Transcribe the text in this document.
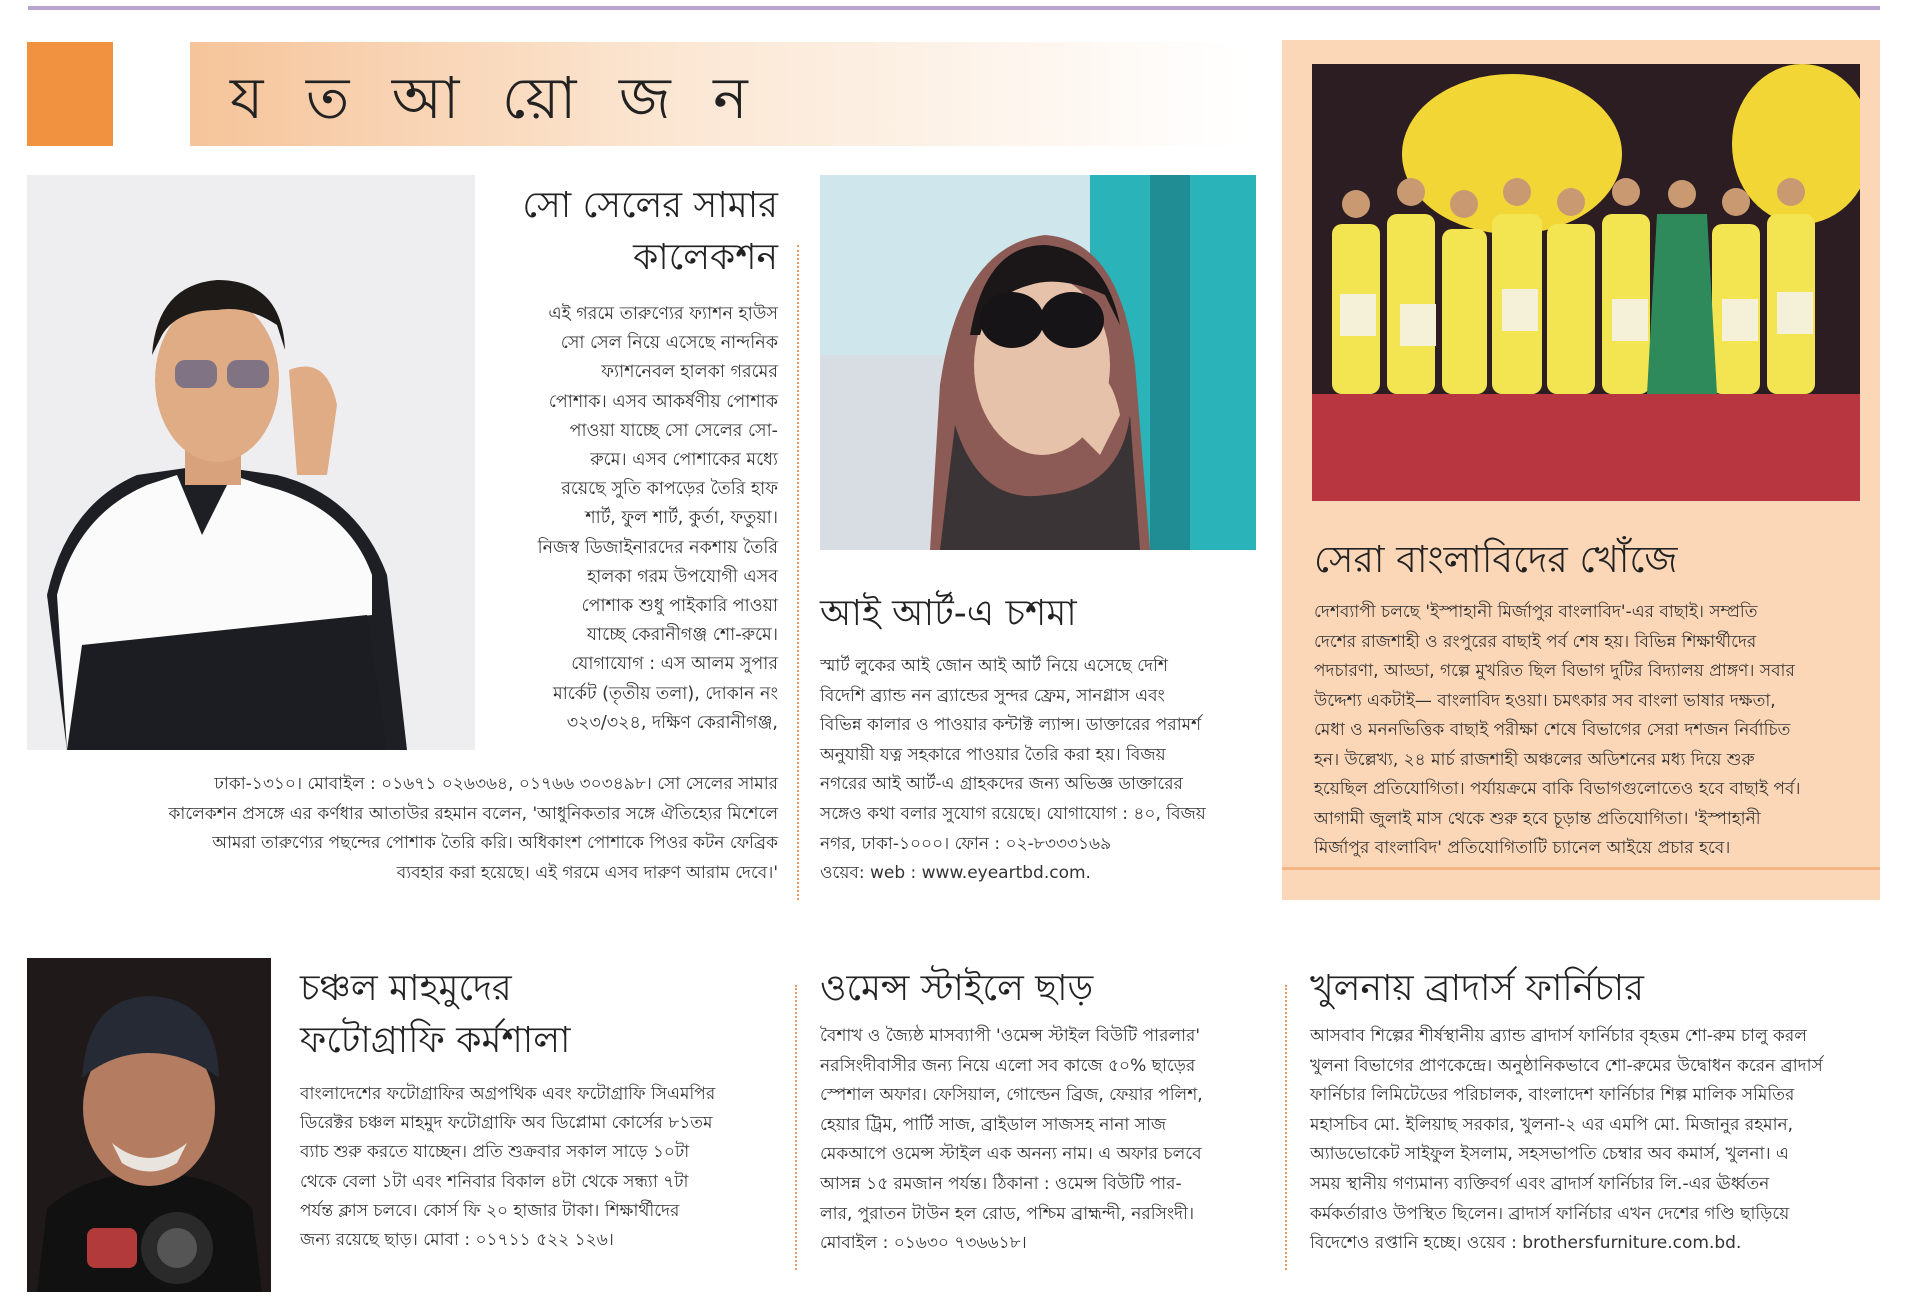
য ত আ য়ো জ ন
সো সেলের সামার
কালেকশন
এই গরমে তারুণ্যের ফ্যাশন হাউস
সো সেল নিয়ে এসেছে নান্দনিক
ফ্যাশনেবল হালকা গরমের
পোশাক। এসব আকর্ষণীয় পোশাক
পাওয়া যাচ্ছে সো সেলের সো-
রুমে। এসব পোশাকের মধ্যে
রয়েছে সুতি কাপড়ের তৈরি হাফ
শার্ট, ফুল শার্ট, কুর্তা, ফতুয়া।
নিজস্ব ডিজাইনারদের নকশায় তৈরি
হালকা গরম উপযোগী এসব
পোশাক শুধু পাইকারি পাওয়া
যাচ্ছে কেরানীগঞ্জ শো-রুমে।
যোগাযোগ : এস আলম সুপার
মার্কেট (তৃতীয় তলা), দোকান নং
৩২৩/৩২৪, দক্ষিণ কেরানীগঞ্জ,
ঢাকা-১৩১০। মোবাইল : ০১৬৭১ ০২৬৩৬৪, ০১৭৬৬ ৩০৩৪৯৮। সো সেলের সামার
কালেকশন প্রসঙ্গে এর কর্ণধার আতাউর রহমান বলেন, 'আধুনিকতার সঙ্গে ঐতিহ্যের মিশেলে
আমরা তারুণ্যের পছন্দের পোশাক তৈরি করি। অধিকাংশ পোশাকে পিওর কটন ফেব্রিক
ব্যবহার করা হয়েছে। এই গরমে এসব দারুণ আরাম দেবে।'
আই আর্ট-এ চশমা
স্মার্ট লুকের আই জোন আই আর্ট নিয়ে এসেছে দেশি
বিদেশি ব্র্যান্ড নন ব্র্যান্ডের সুন্দর ফ্রেম, সানগ্লাস এবং
বিভিন্ন কালার ও পাওয়ার কন্টাক্ট ল্যান্স। ডাক্তারের পরামর্শ
অনুযায়ী যত্ন সহকারে পাওয়ার তৈরি করা হয়। বিজয়
নগরের আই আর্ট-এ গ্রাহকদের জন্য অভিজ্ঞ ডাক্তারের
সঙ্গেও কথা বলার সুযোগ রয়েছে। যোগাযোগ : ৪০, বিজয়
নগর, ঢাকা-১০০০। ফোন : ০২-৮৩৩৩১৬৯
ওয়েব: web : www.eyeartbd.com.
সেরা বাংলাবিদের খোঁজে
দেশব্যাপী চলছে 'ইস্পাহানী মির্জাপুর বাংলাবিদ'-এর বাছাই। সম্প্রতি
দেশের রাজশাহী ও রংপুরের বাছাই পর্ব শেষ হয়। বিভিন্ন শিক্ষার্থীদের
পদচারণা, আড্ডা, গল্পে মুখরিত ছিল বিভাগ দুটির বিদ্যালয় প্রাঙ্গণ। সবার
উদ্দেশ্য একটাই— বাংলাবিদ হওয়া। চমৎকার সব বাংলা ভাষার দক্ষতা,
মেধা ও মননভিত্তিক বাছাই পরীক্ষা শেষে বিভাগের সেরা দশজন নির্বাচিত
হন। উল্লেখ্য, ২৪ মার্চ রাজশাহী অঞ্চলের অডিশনের মধ্য দিয়ে শুরু
হয়েছিল প্রতিযোগিতা। পর্যায়ক্রমে বাকি বিভাগগুলোতেও হবে বাছাই পর্ব।
আগামী জুলাই মাস থেকে শুরু হবে চূড়ান্ত প্রতিযোগিতা। 'ইস্পাহানী
মির্জাপুর বাংলাবিদ' প্রতিযোগিতাটি চ্যানেল আইয়ে প্রচার হবে।
চঞ্চল মাহমুদের
ফটোগ্রাফি কর্মশালা
বাংলাদেশের ফটোগ্রাফির অগ্রপথিক এবং ফটোগ্রাফি সিএমপির
ডিরেক্টর চঞ্চল মাহমুদ ফটোগ্রাফি অব ডিপ্লোমা কোর্সের ৮১তম
ব্যাচ শুরু করতে যাচ্ছেন। প্রতি শুক্রবার সকাল সাড়ে ১০টা
থেকে বেলা ১টা এবং শনিবার বিকাল ৪টা থেকে সন্ধ্যা ৭টা
পর্যন্ত ক্লাস চলবে। কোর্স ফি ২০ হাজার টাকা। শিক্ষার্থীদের
জন্য রয়েছে ছাড়। মোবা : ০১৭১১ ৫২২ ১২৬।
ওমেন্স স্টাইলে ছাড়
বৈশাখ ও জ্যৈষ্ঠ মাসব্যাপী 'ওমেন্স স্টাইল বিউটি পারলার'
নরসিংদীবাসীর জন্য নিয়ে এলো সব কাজে ৫০% ছাড়ের
স্পেশাল অফার। ফেসিয়াল, গোল্ডেন ব্রিজ, ফেয়ার পলিশ,
হেয়ার ট্রিম, পার্টি সাজ, ব্রাইডাল সাজসহ নানা সাজ
মেকআপে ওমেন্স স্টাইল এক অনন্য নাম। এ অফার চলবে
আসন্ন ১৫ রমজান পর্যন্ত। ঠিকানা : ওমেন্স বিউটি পার-
লার, পুরাতন টাউন হল রোড, পশ্চিম ব্রাহ্মন্দী, নরসিংদী।
মোবাইল : ০১৬৩০ ৭৩৬৬১৮।
খুলনায় ব্রাদার্স ফার্নিচার
আসবাব শিল্পের শীর্ষস্থানীয় ব্র্যান্ড ব্রাদার্স ফার্নিচার বৃহত্তম শো-রুম চালু করল
খুলনা বিভাগের প্রাণকেন্দ্রে। অনুষ্ঠানিকভাবে শো-রুমের উদ্বোধন করেন ব্রাদার্স
ফার্নিচার লিমিটেডের পরিচালক, বাংলাদেশ ফার্নিচার শিল্প মালিক সমিতির
মহাসচিব মো. ইলিয়াছ সরকার, খুলনা-২ এর এমপি মো. মিজানুর রহমান,
অ্যাডভোকেট সাইফুল ইসলাম, সহসভাপতি চেম্বার অব কমার্স, খুলনা। এ
সময় স্থানীয় গণ্যমান্য ব্যক্তিবর্গ এবং ব্রাদার্স ফার্নিচার লি.-এর ঊর্ধ্বতন
কর্মকর্তারাও উপস্থিত ছিলেন। ব্রাদার্স ফার্নিচার এখন দেশের গণ্ডি ছাড়িয়ে
বিদেশেও রপ্তানি হচ্ছে। ওয়েব : brothersfurniture.com.bd.
